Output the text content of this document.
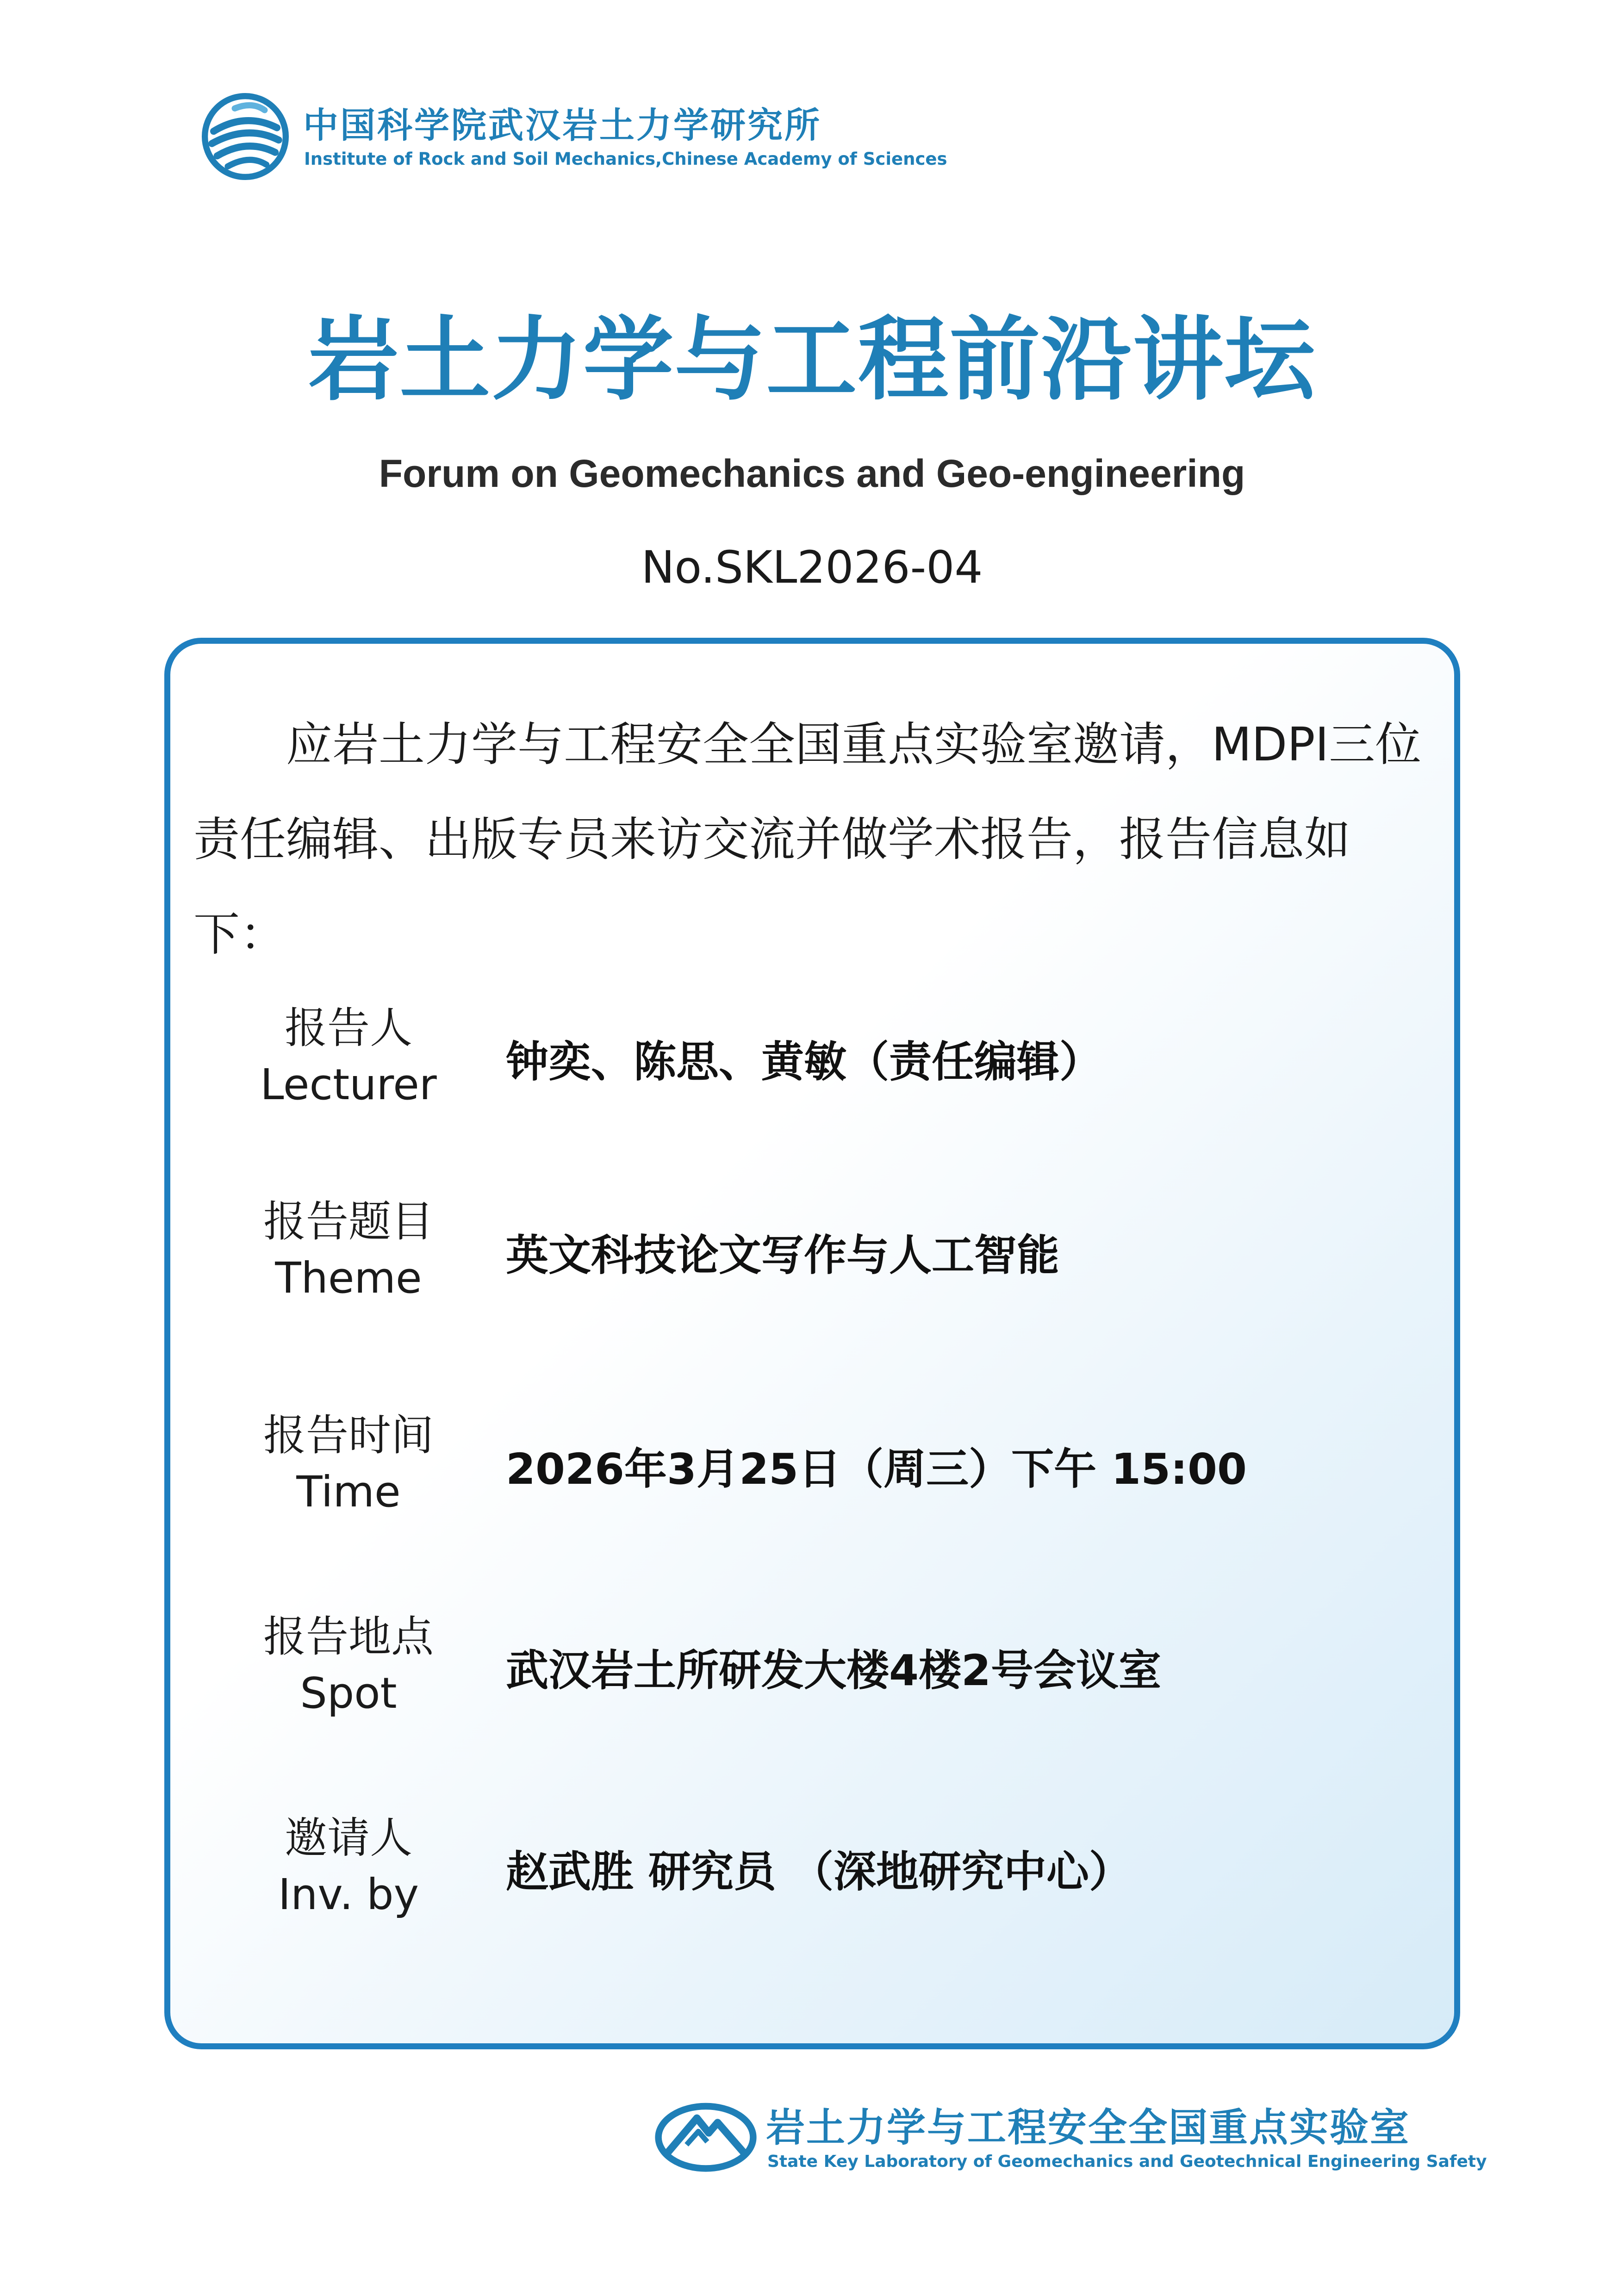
中国科学院武汉岩土力学研究所
Institute of Rock and Soil Mechanics,Chinese Academy of Sciences
岩土力学与工程前沿讲坛
Forum on Geomechanics and Geo-engineering
No.SKL2026-04

应岩土力学与工程安全全国重点实验室邀请，MDPI三位责任编辑、出版专员来访交流并做学术报告，报告信息如下：

报告人
Lecturer	钟奕、陈思、黄敏（责任编辑）
报告题目
Theme	英文科技论文写作与人工智能
报告时间
Time	2026年3月25日（周三）下午 15:00
报告地点
Spot	武汉岩土所研发大楼4楼2号会议室
邀请人
Inv. by	赵武胜 研究员 （深地研究中心）
岩土力学与工程安全全国重点实验室
State Key Laboratory of Geomechanics and Geotechnical Engineering Safety
